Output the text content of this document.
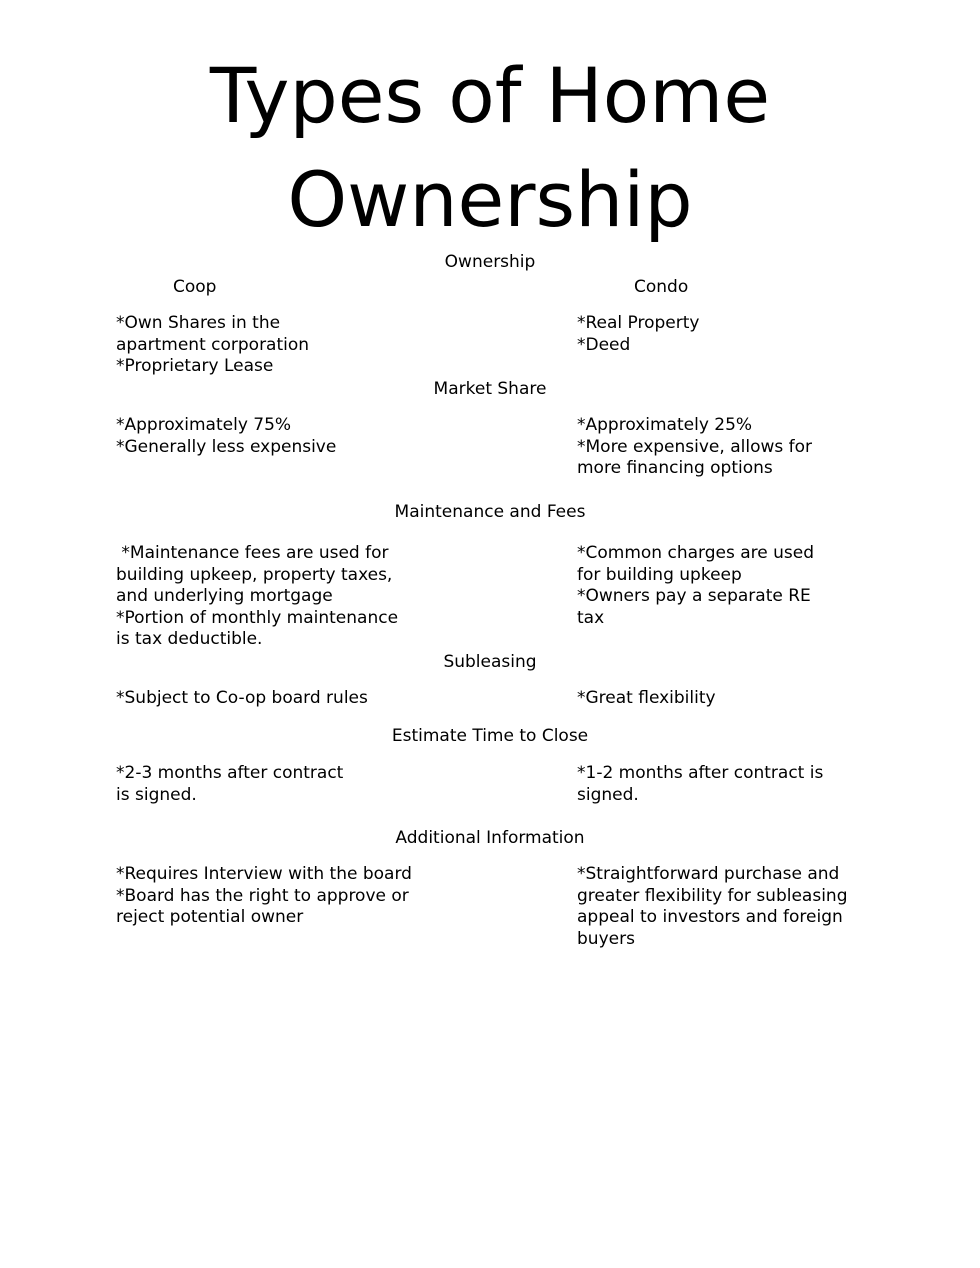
Types of Home
Ownership
Ownership
Coop	Condo
*Own Shares in the
apartment corporation
*Proprietary Lease
*Real Property
*Deed
Market Share
*Approximately 75%
*Generally less expensive
*Approximately 25%
*More expensive, allows for
more financing options
Maintenance and Fees
*Maintenance fees are used for
building upkeep, property taxes,
and underlying mortgage
*Portion of monthly maintenance
is tax deductible.
*Common charges are used
for building upkeep
*Owners pay a separate RE
tax
Subleasing
*Subject to Co-op board rules	*Great flexibility
Estimate Time to Close
*2-3 months after contract
is signed.
*1-2 months after contract is
signed.
Additional Information
*Requires Interview with the board
*Board has the right to approve or
reject potential owner
*Straightforward purchase and
greater flexibility for subleasing
appeal to investors and foreign
buyers
